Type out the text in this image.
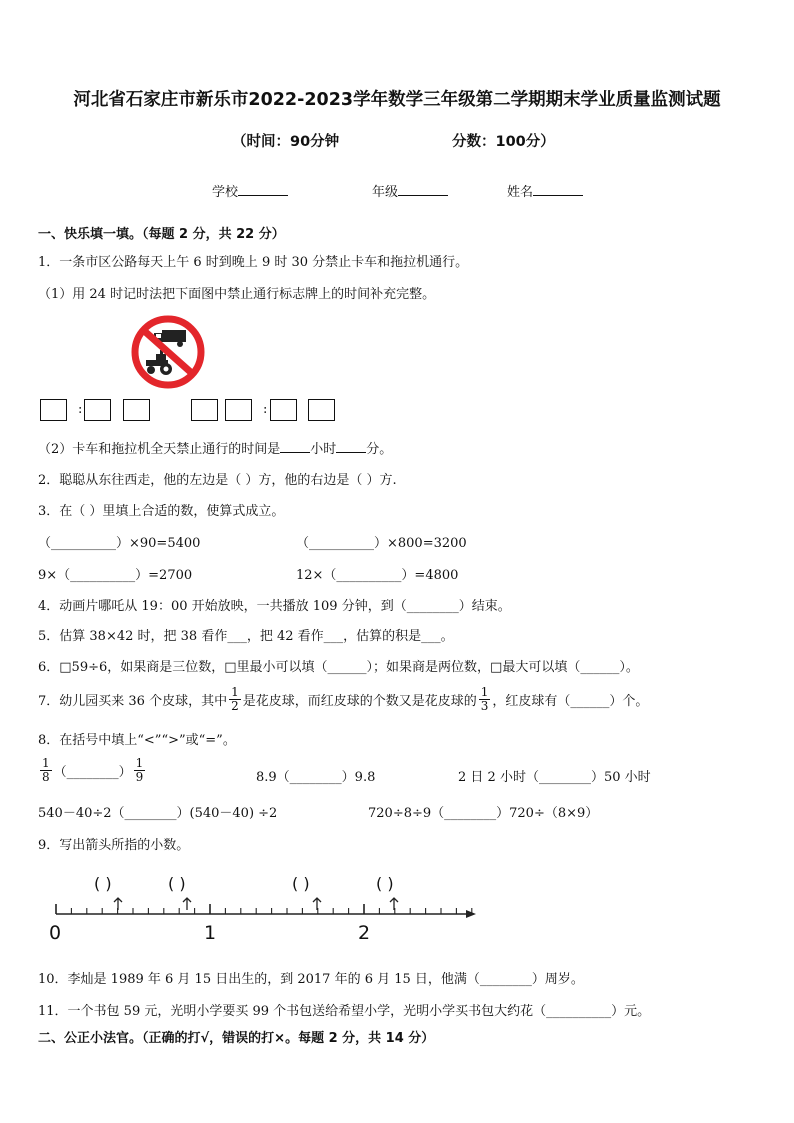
河北省石家庄市新乐市2022-2023学年数学三年级第二学期期末学业质量监测试题
（时间：90分钟	分数：100分）
学校	年级	姓名
一、快乐填一填。（每题 2 分，共 22 分）
1．一条市区公路每天上午 6 时到晚上 9 时 30 分禁止卡车和拖拉机通行。
（1）用 24 时记时法把下面图中禁止通行标志牌上的时间补充完整。
:	:
（2）卡车和拖拉机全天禁止通行的时间是 小时 分。
2．聪聪从东往西走，他的左边是（ ）方，他的右边是（ ）方.
3．在（ ）里填上合适的数，使算式成立。
（__________）×90=5400	（__________）×800=3200
9×（__________）=2700	12×（__________）=4800
4．动画片哪吒从 19：00 开始放映，一共播放 109 分钟，到（________）结束。
5．估算 38×42 时，把 38 看作___，把 42 看作___，估算的积是___。
6．□59÷6，如果商是三位数，□里最小可以填（______）；如果商是两位数，□最大可以填（______）。
7．幼儿园买来 36 个皮球，其中 $\frac{1}{2}$ 是花皮球，而红皮球的个数又是花皮球的 $\frac{1}{3}$ ，红皮球有（______）个。
8．在括号中填上“<”“>”或“=”。
$\frac{1}{8}$ （________） $\frac{1}{9}$	8.9（________）9.8	2 日 2 小时（________）50 小时
540－40÷2（________）(540－40) ÷2	720÷8÷9（________）720÷（8×9）
9．写出箭头所指的小数。
( )	( )	( )	( )
0	1	2
10．李灿是 1989 年 6 月 15 日出生的，到 2017 年的 6 月 15 日，他满（________）周岁。
11．一个书包 59 元，光明小学要买 99 个书包送给希望小学，光明小学买书包大约花（__________）元。
二、公正小法官。（正确的打√，错误的打×。每题 2 分，共 14 分）
